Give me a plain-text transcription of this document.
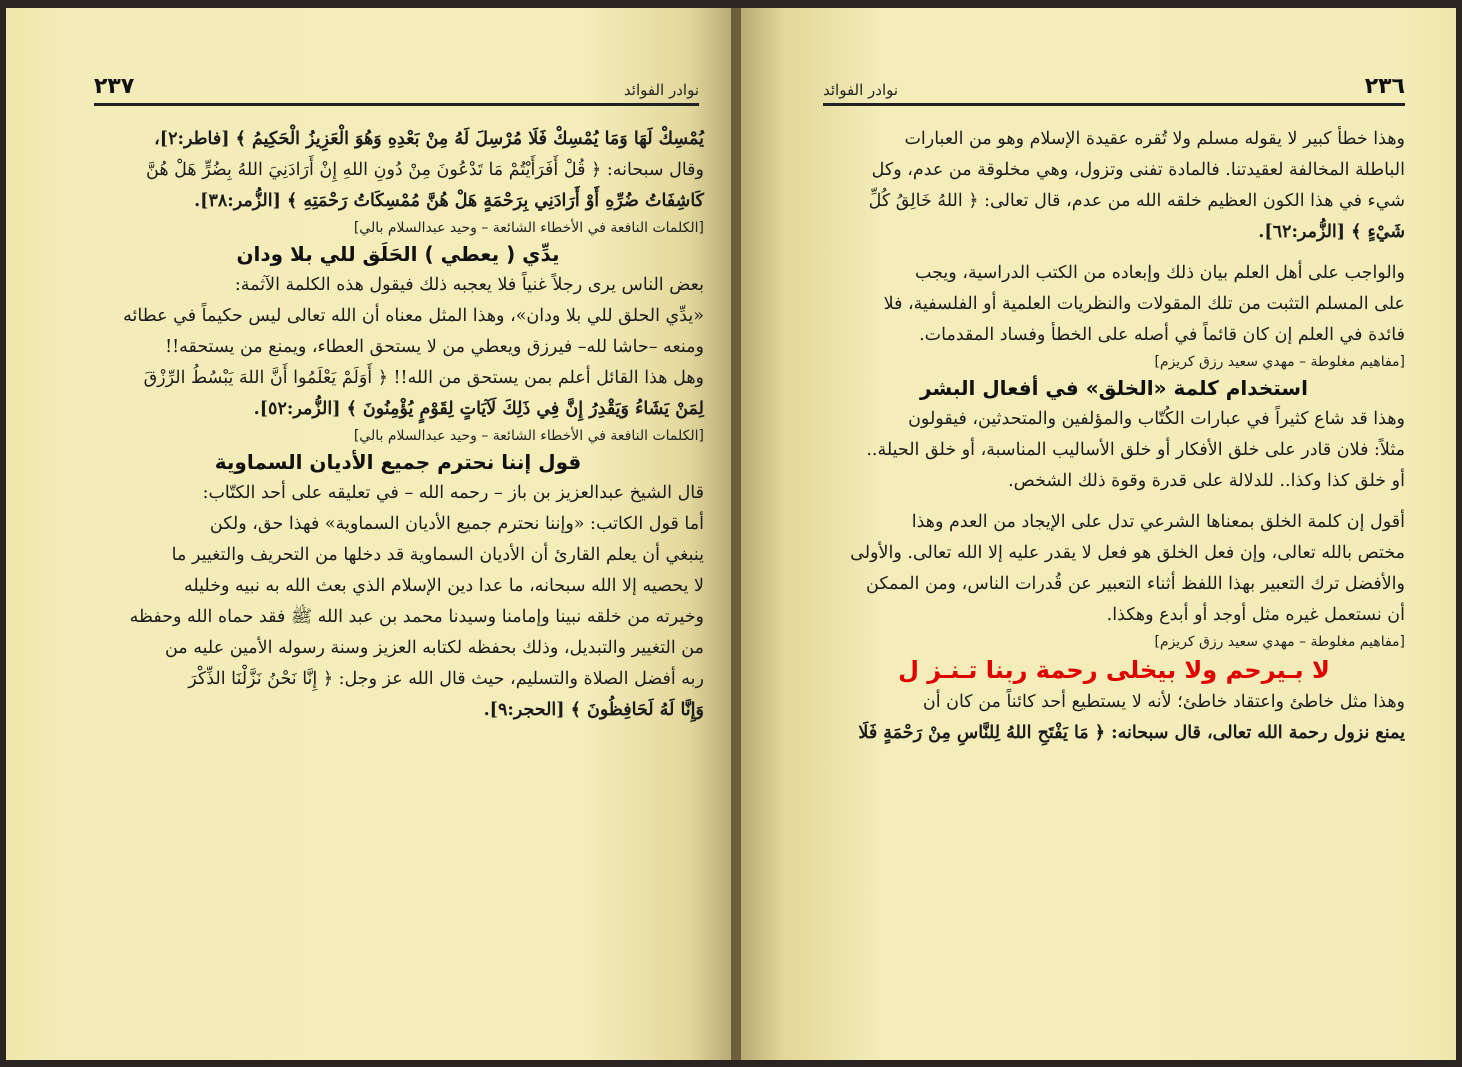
٢٣٧	نوادر الفوائد

يُمْسِكْ لَهَا وَمَا يُمْسِكْ فَلَا مُرْسِلَ لَهُ مِنْ بَعْدِهِ وَهُوَ الْعَزِيزُ الْحَكِيمُ ﴾ [فاطر:٢]،

وقال سبحانه: ﴿ قُلْ أَفَرَأَيْتُمْ مَا تَدْعُونَ مِنْ دُونِ اللهِ إِنْ أَرَادَنِيَ اللهُ بِضُرٍّ هَلْ هُنَّ

كَاشِفَاتُ ضُرِّهِ أَوْ أَرَادَنِي بِرَحْمَةٍ هَلْ هُنَّ مُمْسِكَاتُ رَحْمَتِهِ ﴾ [الزُّمر:٣٨].

[الكلمات النافعة في الأخطاء الشائعة – وحيد عبدالسلام بالي]

يدِّي ( يعطي ) الحَلَق للي بلا ودان

بعض الناس يرى رجلاً غنياً فلا يعجبه ذلك فيقول هذه الكلمة الآثمة:

«يدِّي الحلق للي بلا ودان»، وهذا المثل معناه أن الله تعالى ليس حكيماً في عطائه

ومنعه –حاشا لله– فيرزق ويعطي من لا يستحق العطاء، ويمنع من يستحقه!!

وهل هذا القائل أعلم بمن يستحق من الله!! ﴿ أَوَلَمْ يَعْلَمُوا أَنَّ اللهَ يَبْسُطُ الرِّزْقَ

لِمَنْ يَشَاءُ وَيَقْدِرُ إِنَّ فِي ذَلِكَ لَآيَاتٍ لِقَوْمٍ يُؤْمِنُونَ ﴾ [الزُّمر:٥٢].

[الكلمات النافعة في الأخطاء الشائعة – وحيد عبدالسلام بالي]

قول إننا نحترم جميع الأديان السماوية

قال الشيخ عبدالعزيز بن باز – رحمه الله – في تعليقه على أحد الكتّاب:

أما قول الكاتب: «وإننا نحترم جميع الأديان السماوية» فهذا حق، ولكن

ينبغي أن يعلم القارئ أن الأديان السماوية قد دخلها من التحريف والتغيير ما

لا يحصيه إلا الله سبحانه، ما عدا دين الإسلام الذي بعث الله به نبيه وخليله

وخيرته من خلقه نبينا وإمامنا وسيدنا محمد بن عبد الله ﷺ فقد حماه الله وحفظه

من التغيير والتبديل، وذلك بحفظه لكتابه العزيز وسنة رسوله الأمين عليه من

ربه أفضل الصلاة والتسليم، حيث قال الله عز وجل: ﴿ إِنَّا نَحْنُ نَزَّلْنَا الذِّكْرَ

وَإِنَّا لَهُ لَحَافِظُونَ ﴾ [الحجر:٩].

نوادر الفوائد	٢٣٦

وهذا خطأ كبير لا يقوله مسلم ولا تُقره عقيدة الإسلام وهو من العبارات

الباطلة المخالفة لعقيدتنا. فالمادة تفنى وتزول، وهي مخلوقة من عدم، وكل

شيء في هذا الكون العظيم خلقه الله من عدم، قال تعالى: ﴿ اللهُ خَالِقُ كُلِّ

شَيْءٍ ﴾ [الزُّمر:٦٢].

والواجب على أهل العلم بيان ذلك وإبعاده من الكتب الدراسية، ويجب

على المسلم التثبت من تلك المقولات والنظريات العلمية أو الفلسفية، فلا

فائدة في العلم إن كان قائماً في أصله على الخطأ وفساد المقدمات.

[مفاهيم مغلوطة – مهدي سعيد رزق كريزم]

استخدام كلمة «الخلق» في أفعال البشر

وهذا قد شاع كثيراً في عبارات الكُتّاب والمؤلفين والمتحدثين، فيقولون

مثلاً: فلان قادر على خلق الأفكار أو خلق الأساليب المناسبة، أو خلق الحيلة..

أو خلق كذا وكذا.. للدلالة على قدرة وقوة ذلك الشخص.

أقول إن كلمة الخلق بمعناها الشرعي تدل على الإيجاد من العدم وهذا

مختص بالله تعالى، وإن فعل الخلق هو فعل لا يقدر عليه إلا الله تعالى. والأولى

والأفضل ترك التعبير بهذا اللفظ أثناء التعبير عن قُدرات الناس، ومن الممكن

أن نستعمل غيره مثل أوجد أو أبدع وهكذا.

[مفاهيم مغلوطة – مهدي سعيد رزق كريزم]

لا بـيرحم ولا بيخلى رحمة ربنا تـنـز ل

وهذا مثل خاطئ واعتقاد خاطئ؛ لأنه لا يستطيع أحد كائناً من كان أن

يمنع نزول رحمة الله تعالى، قال سبحانه: ﴿ مَا يَفْتَحِ اللهُ لِلنَّاسِ مِنْ رَحْمَةٍ فَلَا
